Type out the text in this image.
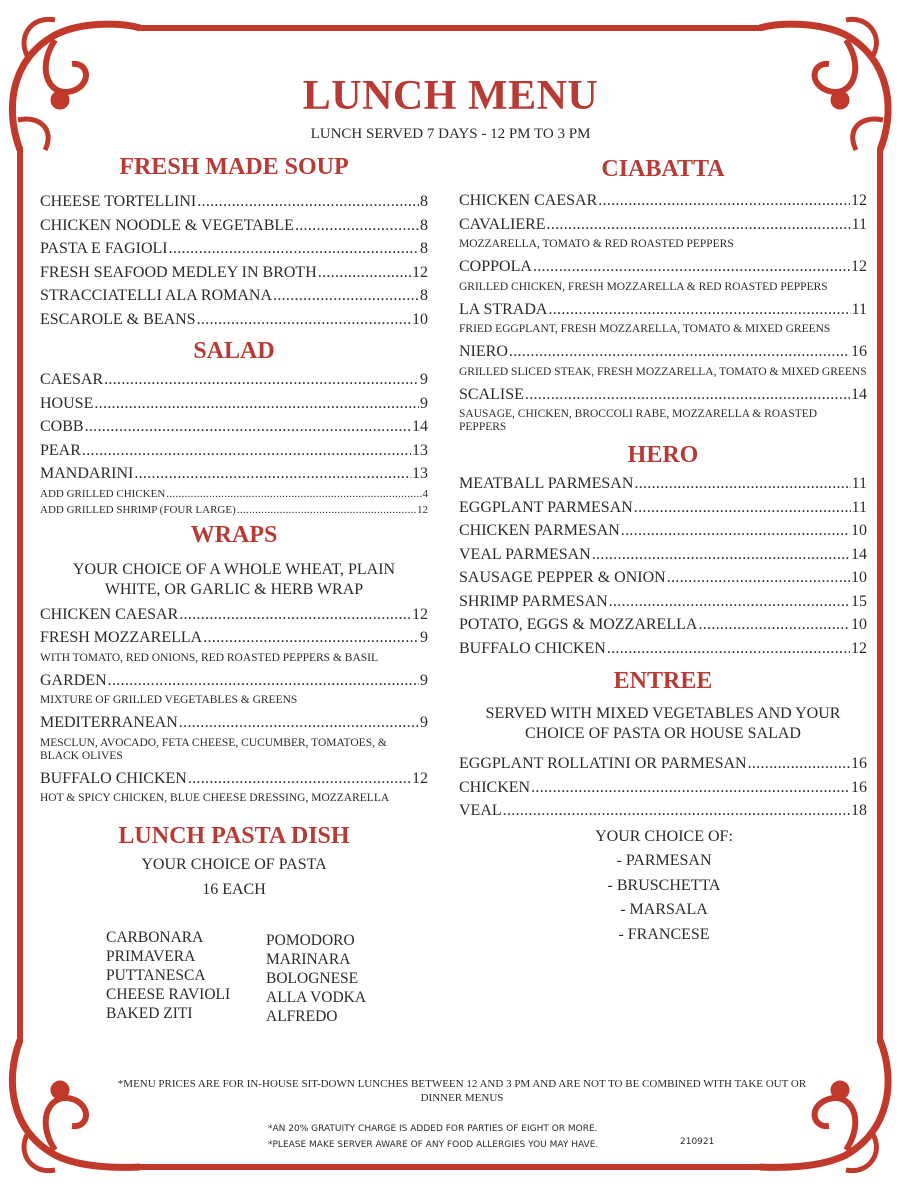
LUNCH MENU
LUNCH SERVED 7 DAYS - 12 PM TO 3 PM
FRESH MADE SOUP
CHEESE TORTELLINI .....	8
CHICKEN NOODLE & VEGETABLE .....	8
PASTA E FAGIOLI .....	8
FRESH SEAFOOD MEDLEY IN BROTH .....	12
STRACCIATELLI ALA ROMANA .....	8
ESCAROLE & BEANS .....	10
SALAD
CAESAR .....	9
HOUSE .....	9
COBB .....	14
PEAR .....	13
MANDARINI .....	13
ADD GRILLED CHICKEN .....	4
ADD GRILLED SHRIMP (FOUR LARGE) .....	12
WRAPS
YOUR CHOICE OF A WHOLE WHEAT, PLAIN WHITE, OR GARLIC & HERB WRAP
CHICKEN CAESAR .....	12
FRESH MOZZARELLA .....	9
WITH TOMATO, RED ONIONS, RED ROASTED PEPPERS & BASIL
GARDEN .....	9
MIXTURE OF GRILLED VEGETABLES & GREENS
MEDITERRANEAN .....	9
MESCLUN, AVOCADO, FETA CHEESE, CUCUMBER, TOMATOES, & BLACK OLIVES
BUFFALO CHICKEN .....	12
HOT & SPICY CHICKEN, BLUE CHEESE DRESSING, MOZZARELLA
LUNCH PASTA DISH
YOUR CHOICE OF PASTA
16 EACH
CARBONARA
PRIMAVERA
PUTTANESCA
CHEESE RAVIOLI
BAKED ZITI
POMODORO
MARINARA
BOLOGNESE
ALLA VODKA
ALFREDO
CIABATTA
CHICKEN CAESAR .....	12
CAVALIERE .....	11
MOZZARELLA, TOMATO & RED ROASTED PEPPERS
COPPOLA .....	12
GRILLED CHICKEN, FRESH MOZZARELLA & RED ROASTED PEPPERS
LA STRADA .....	11
FRIED EGGPLANT, FRESH MOZZARELLA, TOMATO & MIXED GREENS
NIERO .....	16
GRILLED SLICED STEAK, FRESH MOZZARELLA, TOMATO & MIXED GREENS
SCALISE .....	14
SAUSAGE, CHICKEN, BROCCOLI RABE, MOZZARELLA & ROASTED PEPPERS
HERO
MEATBALL PARMESAN .....	11
EGGPLANT PARMESAN .....	11
CHICKEN PARMESAN .....	10
VEAL PARMESAN .....	14
SAUSAGE PEPPER & ONION .....	10
SHRIMP PARMESAN .....	15
POTATO, EGGS & MOZZARELLA .....	10
BUFFALO CHICKEN .....	12
ENTREE
SERVED WITH MIXED VEGETABLES AND YOUR CHOICE OF PASTA OR HOUSE SALAD
EGGPLANT ROLLATINI OR PARMESAN .....	16
CHICKEN .....	16
VEAL .....	18
YOUR CHOICE OF:
- PARMESAN
- BRUSCHETTA
- MARSALA
- FRANCESE
*MENU PRICES ARE FOR IN-HOUSE SIT-DOWN LUNCHES BETWEEN 12 AND 3 PM AND ARE NOT TO BE COMBINED WITH TAKE OUT OR DINNER MENUS
*AN 20% GRATUITY CHARGE IS ADDED FOR PARTIES OF EIGHT OR MORE.
*PLEASE MAKE SERVER AWARE OF ANY FOOD ALLERGIES YOU MAY HAVE.	210921
